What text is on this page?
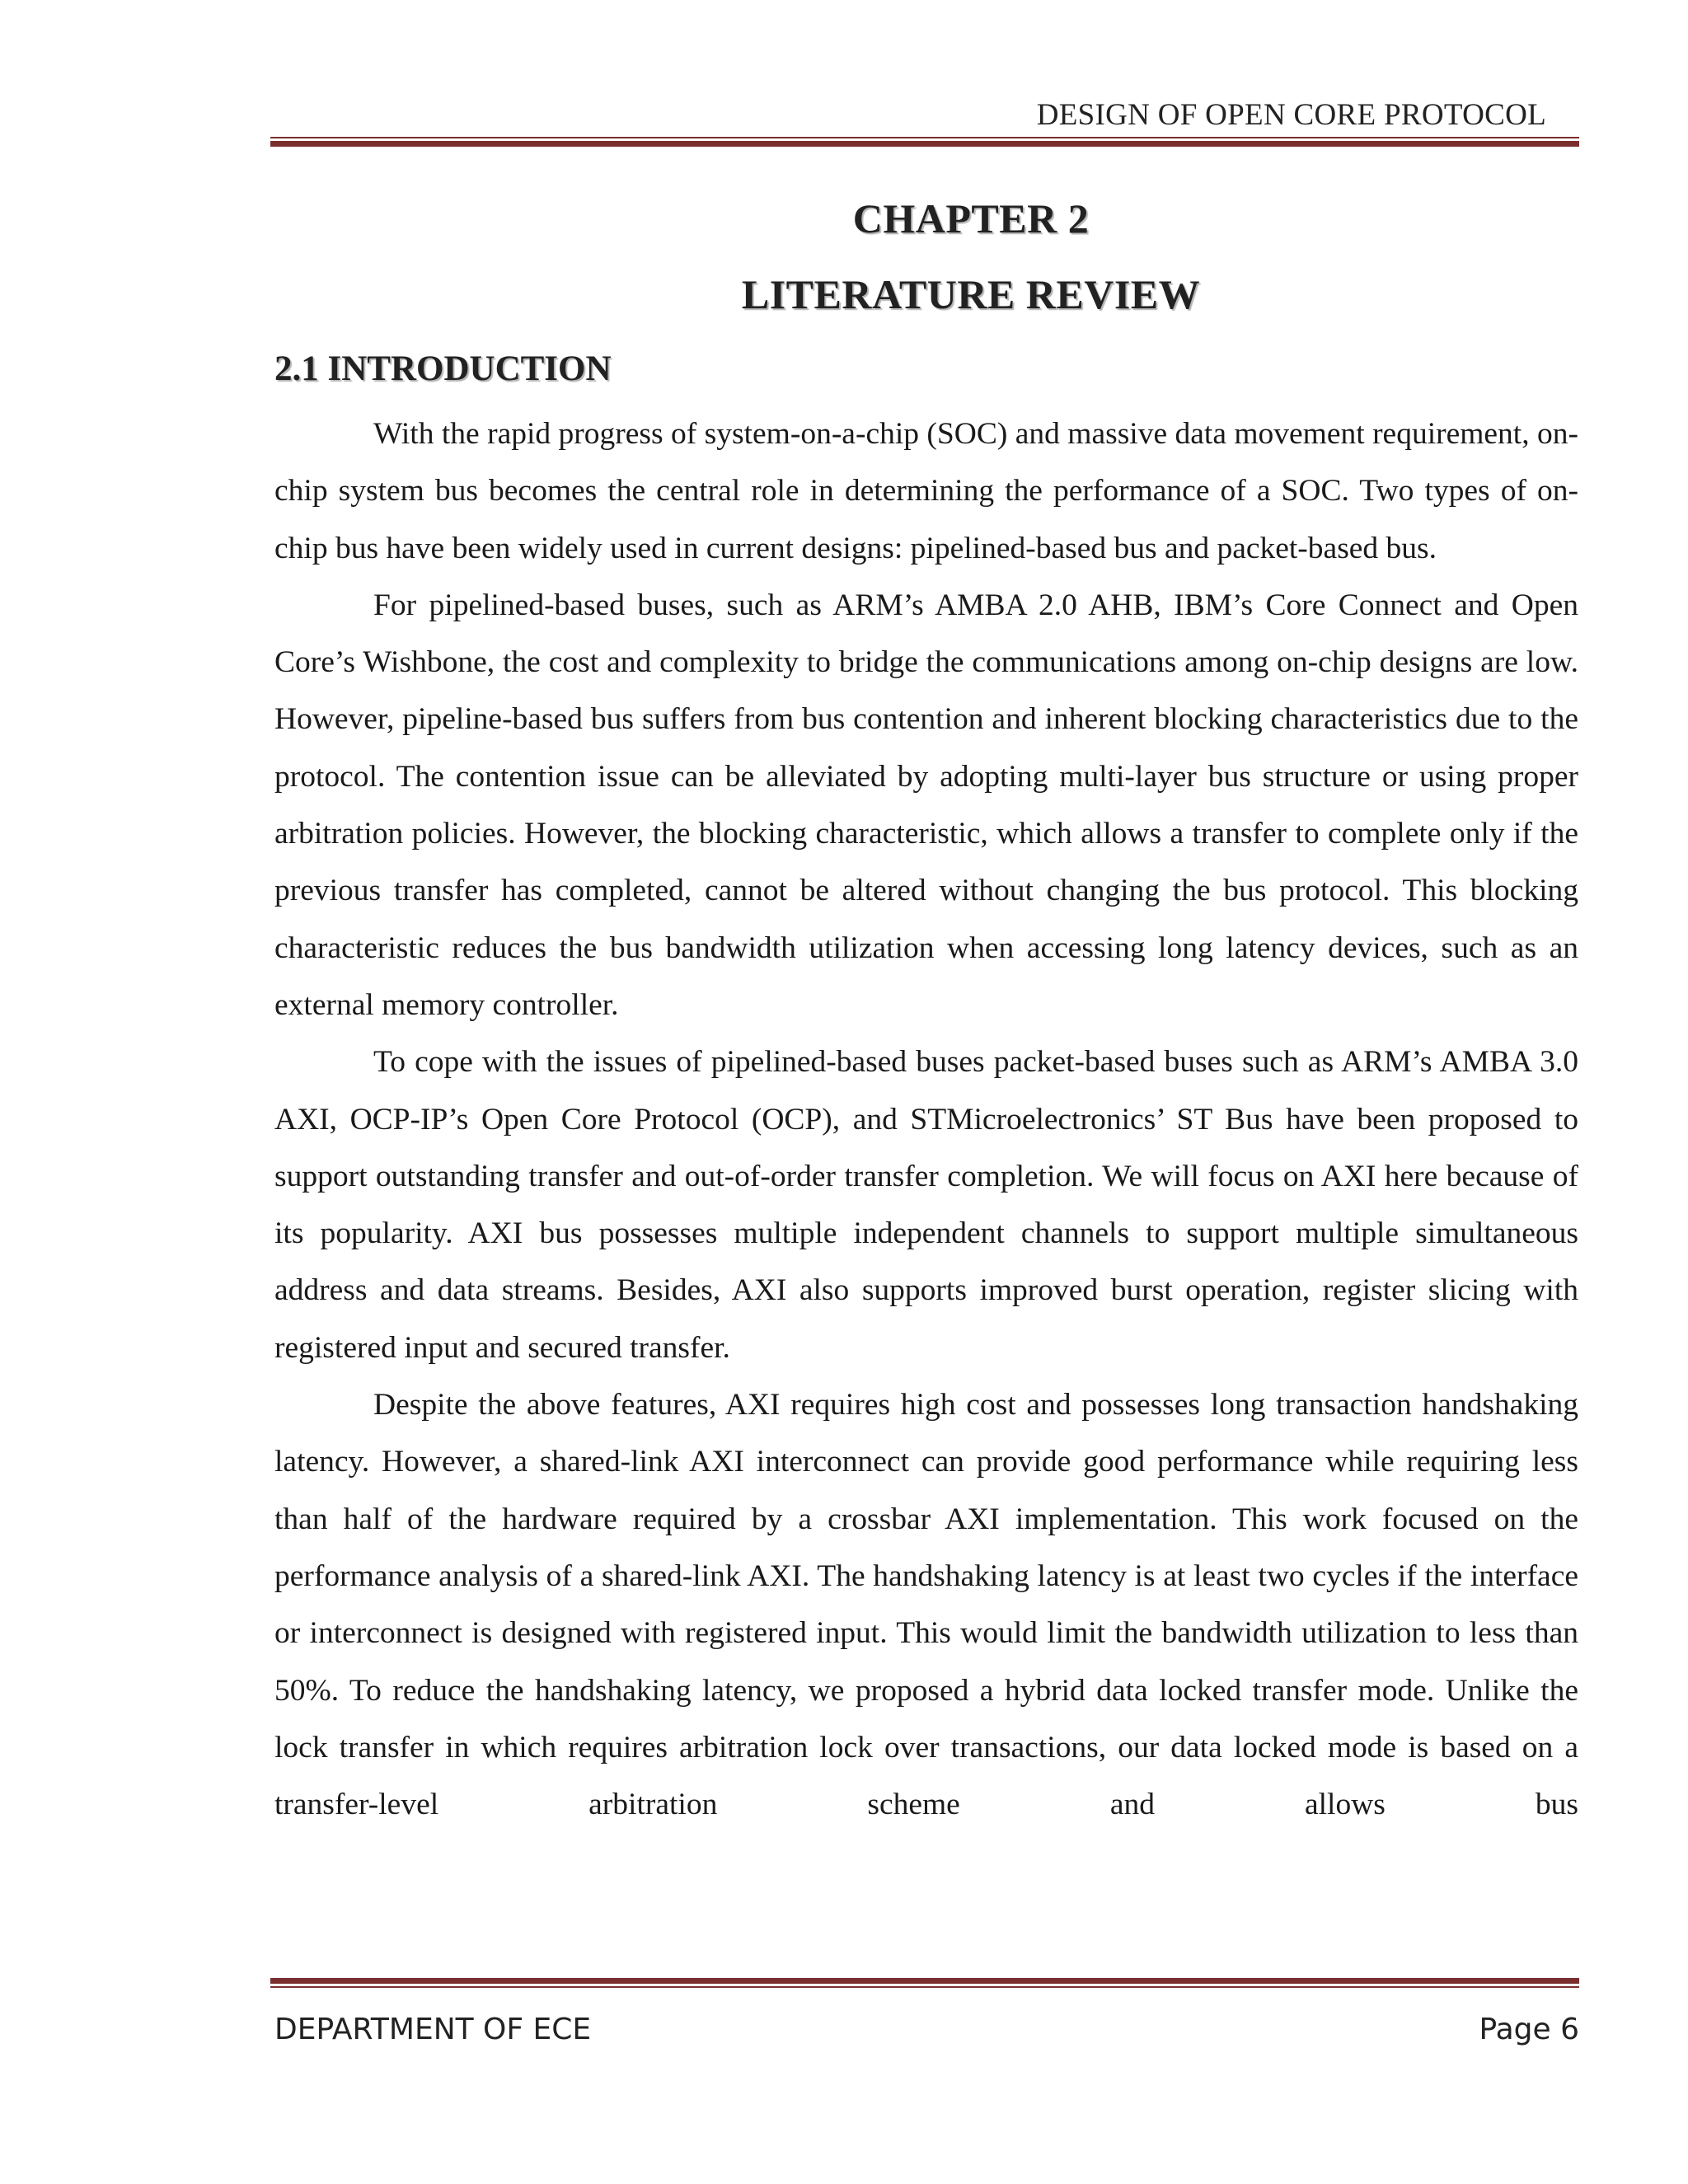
DESIGN OF OPEN CORE PROTOCOL
CHAPTER 2
LITERATURE REVIEW
2.1 INTRODUCTION

With the rapid progress of system-on-a-chip (SOC) and massive data movement requirement, on-chip system bus becomes the central role in determining the performance of a SOC. Two types of on-chip bus have been widely used in current designs: pipelined-based bus and packet-based bus.

For pipelined-based buses, such as ARM’s AMBA 2.0 AHB, IBM’s Core Connect and Open Core’s Wishbone, the cost and complexity to bridge the communications among on-chip designs are low. However, pipeline-based bus suffers from bus contention and inherent blocking characteristics due to the protocol. The contention issue can be alleviated by adopting multi-layer bus structure or using proper arbitration policies. However, the blocking characteristic, which allows a transfer to complete only if the previous transfer has completed, cannot be altered without changing the bus protocol. This blocking characteristic reduces the bus bandwidth utilization when accessing long latency devices, such as an external memory controller.

To cope with the issues of pipelined-based buses packet-based buses such as ARM’s AMBA 3.0 AXI, OCP-IP’s Open Core Protocol (OCP), and STMicroelectronics’ ST Bus have been proposed to support outstanding transfer and out-of-order transfer completion. We will focus on AXI here because of its popularity. AXI bus possesses multiple independent channels to support multiple simultaneous address and data streams. Besides, AXI also supports improved burst operation, register slicing with registered input and secured transfer.

Despite the above features, AXI requires high cost and possesses long transaction handshaking latency. However, a shared-link AXI interconnect can provide good performance while requiring less than half of the hardware required by a crossbar AXI implementation. This work focused on the performance analysis of a shared-link AXI. The handshaking latency is at least two cycles if the interface or interconnect is designed with registered input. This would limit the bandwidth utilization to less than 50%. To reduce the handshaking latency, we proposed a hybrid data locked transfer mode. Unlike the lock transfer in which requires arbitration lock over transactions, our data locked mode is based on a transfer-level arbitration scheme and allows bus

DEPARTMENT OF ECE	Page 6
